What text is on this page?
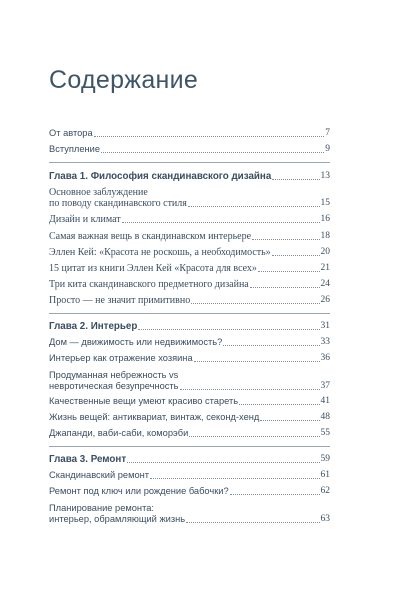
Содержание
От автора	7
Вступление	9
Глава 1. Философия скандинавского дизайна	13
Основное заблуждение
по поводу скандинавского стиля	15
Дизайн и климат	16
Самая важная вещь в скандинавском интерьере	18
Эллен Кей: «Красота не роскошь, а необходимость»	20
15 цитат из книги Эллен Кей «Красота для всех»	21
Три кита скандинавского предметного дизайна	24
Просто — не значит примитивно	26
Глава 2. Интерьер	31
Дом — движимость или недвижимость?	33
Интерьер как отражение хозяина	36
Продуманная небрежность vs
невротическая безупречность	37
Качественные вещи умеют красиво стареть	41
Жизнь вещей: антиквариат, винтаж, секонд-хенд	48
Джапанди, ваби-саби, коморэби	55
Глава 3. Ремонт	59
Скандинавский ремонт	61
Ремонт под ключ или рождение бабочки?	62
Планирование ремонта:
интерьер, обрамляющий жизнь	63
